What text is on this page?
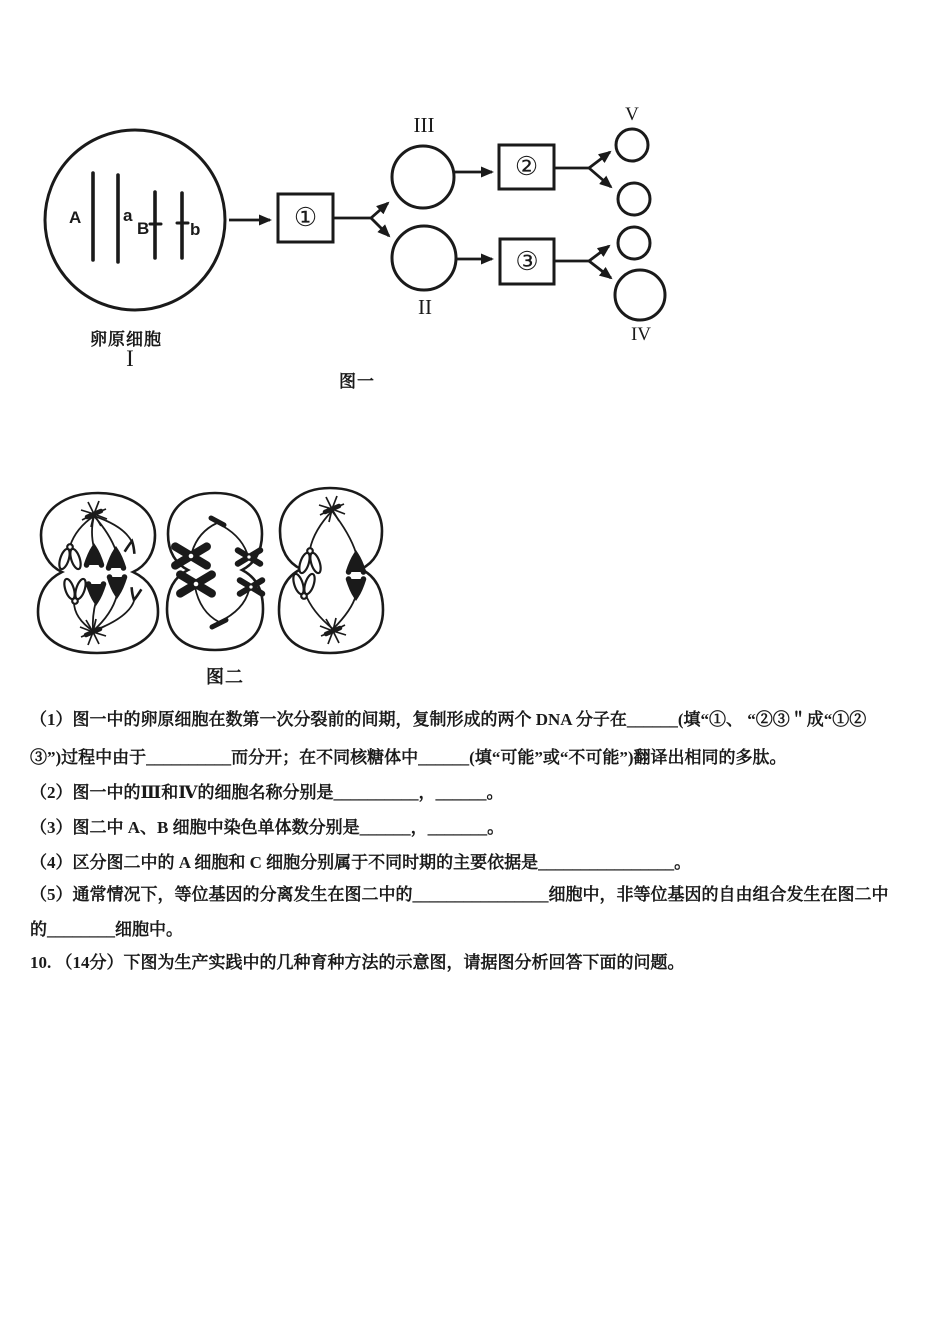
A a
B b	①
②
③
III
II
V
IV
卵原细胞
I
图一
图二
（1）图一中的卵原细胞在数第一次分裂前的间期，复制形成的两个 DNA 分子在______(填“①、 “②③＂成“①②
③”)过程中由于__________而分开；在不同核糖体中______(填“可能”或“不可能”)翻译出相同的多肽。
（2）图一中的Ⅲ和Ⅳ的细胞名称分别是__________，______。
（3）图二中 A、B 细胞中染色单体数分别是______，_______。
（4）区分图二中的 A 细胞和 C 细胞分别属于不同时期的主要依据是________________。
（5）通常情况下，等位基因的分离发生在图二中的________________细胞中，非等位基因的自由组合发生在图二中
的________细胞中。
10. （14分）下图为生产实践中的几种育种方法的示意图，请据图分析回答下面的问题。
